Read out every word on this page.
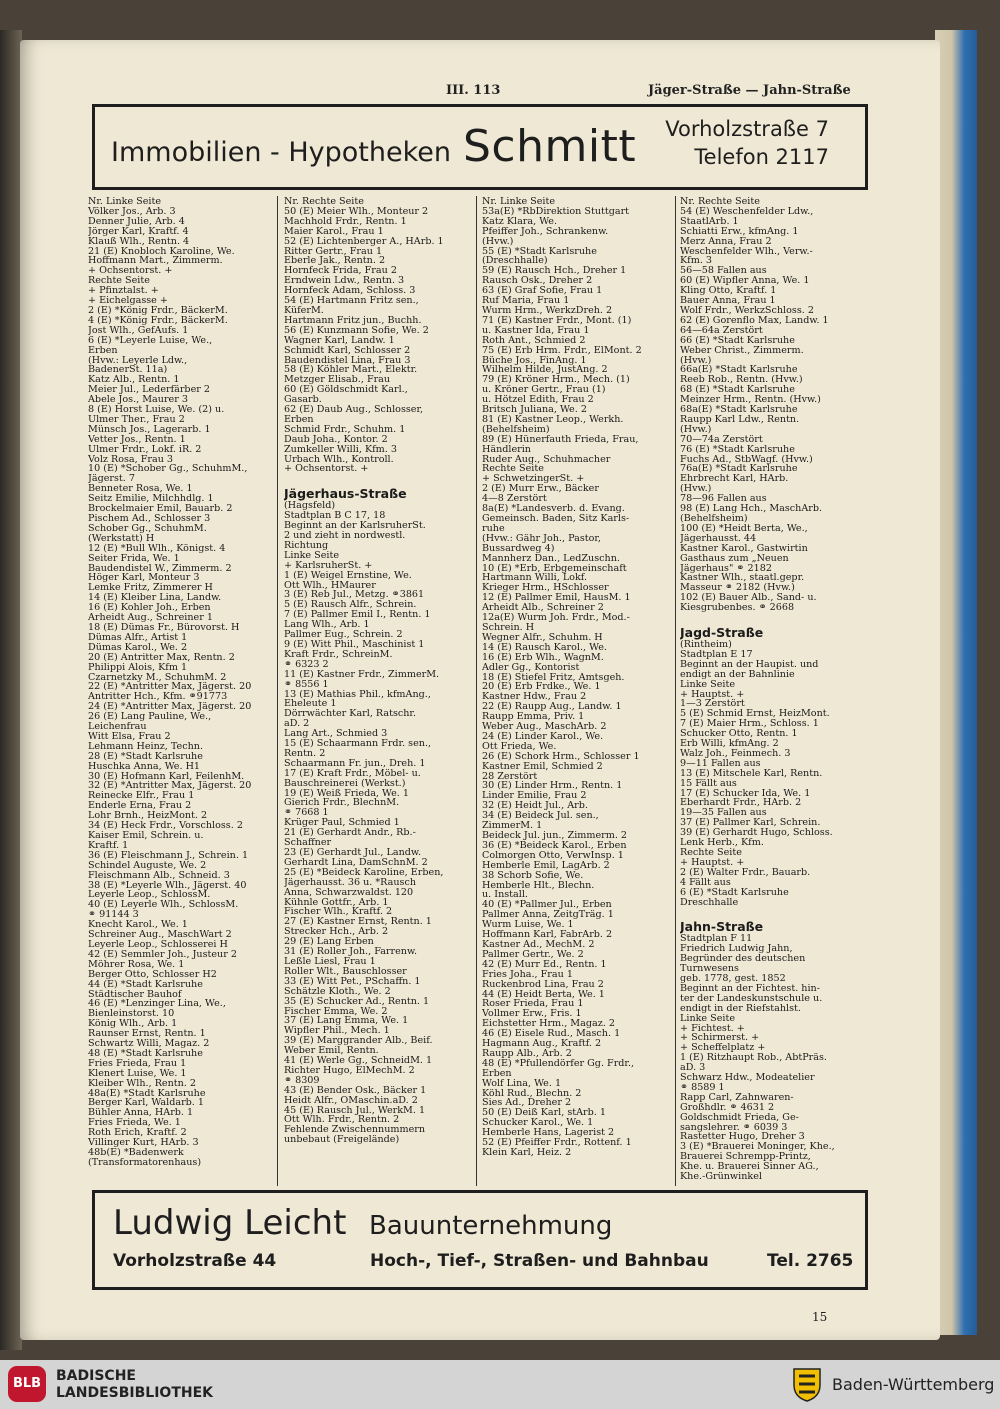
III. 113	Jäger-Straße — Jahn-Straße
Immobilien - Hypotheken Schmitt Vorholzstraße 7
Telefon 2117
Nr. Linke Seite
Völker Jos., Arb. 3
Denner Julie, Arb. 4
Jörger Karl, Kraftf. 4
Klauß Wlh., Rentn. 4
21 (E) Knobloch Karoline, We.
Hoffmann Mart., Zimmerm.
+ Ochsentorst. +
Rechte Seite
+ Pfinztalst. +
+ Eichelgasse +
2 (E) *König Frdr., BäckerM.
4 (E) *König Frdr., BäckerM.
Jost Wlh., GefAufs. 1
6 (E) *Leyerle Luise, We.,
Erben
(Hvw.: Leyerle Ldw.,
BadenerSt. 11a)
Katz Alb., Rentn. 1
Meier Jul., Lederfärber 2
Abele Jos., Maurer 3
8 (E) Horst Luise, We. (2) u.
Ulmer Ther., Frau 2
Münsch Jos., Lagerarb. 1
Vetter Jos., Rentn. 1
Ulmer Frdr., Lokf. iR. 2
Volz Rosa, Frau 3
10 (E) *Schober Gg., SchuhmM.,
Jägerst. 7
Benneter Rosa, We. 1
Seitz Emilie, Milchhdlg. 1
Brockelmaier Emil, Bauarb. 2
Pischem Ad., Schlosser 3
Schober Gg., SchuhmM.
(Werkstatt) H
12 (E) *Bull Wlh., Königst. 4
Seiter Frida, We. 1
Baudendistel W., Zimmerm. 2
Höger Karl, Monteur 3
Lemke Fritz, Zimmerer H
14 (E) Kleiber Lina, Landw.
16 (E) Kohler Joh., Erben
Arheidt Aug., Schreiner 1
18 (E) Dümas Fr., Bürovorst. H
Dümas Alfr., Artist 1
Dümas Karol., We. 2
20 (E) Antritter Max, Rentn. 2
Philippi Alois, Kfm 1
Czarnetzky M., SchuhmM. 2
22 (E) *Antritter Max, Jägerst. 20
Antritter Hch., Kfm. ⚭91773
24 (E) *Antritter Max, Jägerst. 20
26 (E) Lang Pauline, We.,
Leichenfrau
Witt Elsa, Frau 2
Lehmann Heinz, Techn.
28 (E) *Stadt Karlsruhe
Huschka Anna, We. H1
30 (E) Hofmann Karl, FeilenhM.
32 (E) *Antritter Max, Jägerst. 20
Reinecke Elfr., Frau 1
Enderle Erna, Frau 2
Lohr Brnh., HeizMont. 2
34 (E) Heck Frdr., Vorschloss. 2
Kaiser Emil, Schrein. u.
Kraftf. 1
36 (E) Fleischmann J., Schrein. 1
Schindel Auguste, We. 2
Fleischmann Alb., Schneid. 3
38 (E) *Leyerle Wlh., Jägerst. 40
Leyerle Leop., SchlossM.
40 (E) Leyerle Wlh., SchlossM.
⚭ 91144 3
Knecht Karol., We. 1
Schreiner Aug., MaschWart 2
Leyerle Leop., Schlosserei H
42 (E) Semmler Joh., Justeur 2
Möhrer Rosa, We. 1
Berger Otto, Schlosser H2
44 (E) *Stadt Karlsruhe
Städtischer Bauhof
46 (E) *Lenzinger Lina, We.,
Bienleinstorst. 10
König Wlh., Arb. 1
Raunser Ernst, Rentn. 1
Schwartz Willi, Magaz. 2
48 (E) *Stadt Karlsruhe
Fries Frieda, Frau 1
Klenert Luise, We. 1
Kleiber Wlh., Rentn. 2
48a(E) *Stadt Karlsruhe
Berger Karl, Waldarb. 1
Bühler Anna, HArb. 1
Fries Frieda, We. 1
Roth Erich, Kraftf. 2
Villinger Kurt, HArb. 3
48b(E) *Badenwerk
(Transformatorenhaus)
Nr. Rechte Seite
50 (E) Meier Wlh., Monteur 2
Machhold Frdr., Rentn. 1
Maier Karol., Frau 1
52 (E) Lichtenberger A., HArb. 1
Ritter Gertr., Frau 1
Eberle Jak., Rentn. 2
Hornfeck Frida, Frau 2
Erndwein Ldw., Rentn. 3
Hornfeck Adam, Schloss. 3
54 (E) Hartmann Fritz sen.,
KüferM.
Hartmann Fritz jun., Buchh.
56 (E) Kunzmann Sofie, We. 2
Wagner Karl, Landw. 1
Schmidt Karl, Schlosser 2
Baudendistel Lina, Frau 3
58 (E) Köhler Mart., Elektr.
Metzger Elisab., Frau
60 (E) Göldschmidt Karl.,
Gasarb.
62 (E) Daub Aug., Schlosser,
Erben
Schmid Frdr., Schuhm. 1
Daub Joha., Kontor. 2
Zumkeller Willi, Kfm. 3
Urbach Wlh., Kontroll.
+ Ochsentorst. +

Jägerhaus-Straße
(Hagsfeld)
Stadtplan B C 17, 18
Beginnt an der KarlsruherSt.
2 und zieht in nordwestl.
Richtung
Linke Seite
+ KarlsruherSt. +
1 (E) Weigel Ernstine, We.
Ott Wlh., HMaurer
3 (E) Reb Jul., Metzg. ⚭3861
5 (E) Rausch Alfr., Schrein.
7 (E) Pallmer Emil I., Rentn. 1
Lang Wlh., Arb. 1
Pallmer Eug., Schrein. 2
9 (E) Witt Phil., Maschinist 1
Kraft Frdr., SchreinM.
⚭ 6323 2
11 (E) Kastner Frdr., ZimmerM.
⚭ 8556 1
13 (E) Mathias Phil., kfmAng.,
Eheleute 1
Dörrwächter Karl, Ratschr.
aD. 2
Lang Art., Schmied 3
15 (E) Schaarmann Frdr. sen.,
Rentn. 2
Schaarmann Fr. jun., Dreh. 1
17 (E) Kraft Frdr., Möbel- u.
Bauschreinerei (Werkst.)
19 (E) Weiß Frieda, We. 1
Gierich Frdr., BlechnM.
⚭ 7668 1
Krüger Paul, Schmied 1
21 (E) Gerhardt Andr., Rb.-
Schaffner
23 (E) Gerhardt Jul., Landw.
Gerhardt Lina, DamSchnM. 2
25 (E) *Beideck Karoline, Erben,
Jägerhausst. 36 u. *Rausch
Anna, Schwarzwaldst. 120
Kühnle Gottfr., Arb. 1
Fischer Wlh., Kraftf. 2
27 (E) Kastner Ernst, Rentn. 1
Strecker Hch., Arb. 2
29 (E) Lang Erben
31 (E) Roller Joh., Farrenw.
Leßle Liesl, Frau 1
Roller Wlt., Bauschlosser
33 (E) Witt Pet., PSchaffn. 1
Schätzle Kloth., We. 2
35 (E) Schucker Ad., Rentn. 1
Fischer Emma, We. 2
37 (E) Lang Emma, We. 1
Wipfler Phil., Mech. 1
39 (E) Marggrander Alb., Beif.
Weber Emil, Rentn.
41 (E) Werle Gg., SchneidM. 1
Richter Hugo, ElMechM. 2
⚭ 8309
43 (E) Bender Osk., Bäcker 1
Heidt Alfr., OMaschin.aD. 2
45 (E) Rausch Jul., WerkM. 1
Ott Wlh. Frdr., Rentn. 2
Fehlende Zwischennummern
unbebaut (Freigelände)
Nr. Linke Seite
53a(E) *RbDirektion Stuttgart
Katz Klara, We.
Pfeiffer Joh., Schrankenw.
(Hvw.)
55 (E) *Stadt Karlsruhe
(Dreschhalle)
59 (E) Rausch Hch., Dreher 1
Rausch Osk., Dreher 2
63 (E) Graf Sofie, Frau 1
Ruf Maria, Frau 1
Wurm Hrm., WerkzDreh. 2
71 (E) Kastner Frdr., Mont. (1)
u. Kastner Ida, Frau 1
Roth Ant., Schmied 2
75 (E) Erb Hrm. Frdr., ElMont. 2
Büche Jos., FinAng. 1
Wilhelm Hilde, JustAng. 2
79 (E) Kröner Hrm., Mech. (1)
u. Kröner Gertr., Frau (1)
u. Hötzel Edith, Frau 2
Britsch Juliana, We. 2
81 (E) Kastner Leop., Werkh.
(Behelfsheim)
89 (E) Hünerfauth Frieda, Frau,
Händlerin
Ruder Aug., Schuhmacher
Rechte Seite
+ SchwetzingerSt. +
2 (E) Murr Erw., Bäcker
4—8 Zerstört
8a(E) *Landesverb. d. Evang.
Gemeinsch. Baden, Sitz Karls-
ruhe
(Hvw.: Gähr Joh., Pastor,
Bussardweg 4)
Mannherz Dan., LedZuschn.
10 (E) *Erb, Erbgemeinschaft
Hartmann Willi, Lokf.
Krieger Hrm., HSchlosser
12 (E) Pallmer Emil, HausM. 1
Arheidt Alb., Schreiner 2
12a(E) Wurm Joh. Frdr., Mod.-
Schrein. H
Wegner Alfr., Schuhm. H
14 (E) Rausch Karol., We.
16 (E) Erb Wlh., WagnM.
Adler Gg., Kontorist
18 (E) Stiefel Fritz, Amtsgeh.
20 (E) Erb Frdke., We. 1
Kastner Hdw., Frau 2
22 (E) Raupp Aug., Landw. 1
Raupp Emma, Priv. 1
Weber Aug., MaschArb. 2
24 (E) Linder Karol., We.
Ott Frieda, We.
26 (E) Schork Hrm., Schlosser 1
Kastner Emil, Schmied 2
28 Zerstört
30 (E) Linder Hrm., Rentn. 1
Linder Emilie, Frau 2
32 (E) Heidt Jul., Arb.
34 (E) Beideck Jul. sen.,
ZimmerM. 1
Beideck Jul. jun., Zimmerm. 2
36 (E) *Beideck Karol., Erben
Colmorgen Otto, VerwInsp. 1
Hemberle Emil, LagArb. 2
38 Schorb Sofie, We.
Hemberle Hlt., Blechn.
u. Install.
40 (E) *Pallmer Jul., Erben
Pallmer Anna, ZeitgTräg. 1
Wurm Luise, We. 1
Hoffmann Karl, FabrArb. 2
Kastner Ad., MechM. 2
Pallmer Gertr., We. 2
42 (E) Murr Ed., Rentn. 1
Fries Joha., Frau 1
Ruckenbrod Lina, Frau 2
44 (E) Heidt Berta, We. 1
Roser Frieda, Frau 1
Vollmer Erw., Fris. 1
Eichstetter Hrm., Magaz. 2
46 (E) Eisele Rud., Masch. 1
Hagmann Aug., Kraftf. 2
Raupp Alb., Arb. 2
48 (E) *Pfullendörfer Gg. Frdr.,
Erben
Wolf Lina, We. 1
Köhl Rud., Blechn. 2
Sies Ad., Dreher 2
50 (E) Deiß Karl, stArb. 1
Schucker Karol., We. 1
Hemberle Hans, Lagerist 2
52 (E) Pfeiffer Frdr., Rottenf. 1
Klein Karl, Heiz. 2
Nr. Rechte Seite
54 (E) Weschenfelder Ldw.,
StaatlArb. 1
Schiatti Erw., kfmAng. 1
Merz Anna, Frau 2
Weschenfelder Wlh., Verw.-
Kfm. 3
56—58 Fallen aus
60 (E) Wipfler Anna, We. 1
Kling Otto, Kraftf. 1
Bauer Anna, Frau 1
Wolf Frdr., WerkzSchloss. 2
62 (E) Gorenflo Max, Landw. 1
64—64a Zerstört
66 (E) *Stadt Karlsruhe
Weber Christ., Zimmerm.
(Hvw.)
66a(E) *Stadt Karlsruhe
Reeb Rob., Rentn. (Hvw.)
68 (E) *Stadt Karlsruhe
Meinzer Hrm., Rentn. (Hvw.)
68a(E) *Stadt Karlsruhe
Raupp Karl Ldw., Rentn.
(Hvw.)
70—74a Zerstört
76 (E) *Stadt Karlsruhe
Fuchs Ad., StbWagf. (Hvw.)
76a(E) *Stadt Karlsruhe
Ehrbrecht Karl, HArb.
(Hvw.)
78—96 Fallen aus
98 (E) Lang Hch., MaschArb.
(Behelfsheim)
100 (E) *Heidt Berta, We.,
Jägerhausst. 44
Kastner Karol., Gastwirtin
Gasthaus zum „Neuen
Jägerhaus" ⚭ 2182
Kastner Wlh., staatl.gepr.
Masseur ⚭ 2182 (Hvw.)
102 (E) Bauer Alb., Sand- u.
Kiesgrubenbes. ⚭ 2668

Jagd-Straße
(Rintheim)
Stadtplan E 17
Beginnt an der Haupist. und
endigt an der Bahnlinie
Linke Seite
+ Hauptst. +
1—3 Zerstört
5 (E) Schmid Ernst, HeizMont.
7 (E) Maier Hrm., Schloss. 1
Schucker Otto, Rentn. 1
Erb Willi, kfmAng. 2
Walz Joh., Feinmech. 3
9—11 Fallen aus
13 (E) Mitschele Karl, Rentn.
15 Fällt aus
17 (E) Schucker Ida, We. 1
Eberhardt Frdr., HArb. 2
19—35 Fallen aus
37 (E) Pallmer Karl, Schrein.
39 (E) Gerhardt Hugo, Schloss.
Lenk Herb., Kfm.
Rechte Seite
+ Hauptst. +
2 (E) Walter Frdr., Bauarb.
4 Fällt aus
6 (E) *Stadt Karlsruhe
Dreschhalle

Jahn-Straße
Stadtplan F 11
Friedrich Ludwig Jahn,
Begründer des deutschen
Turnwesens
geb. 1778, gest. 1852
Beginnt an der Fichtest. hin-
ter der Landeskunstschule u.
endigt in der Riefstahlst.
Linke Seite
+ Fichtest. +
+ Schirmerst. +
+ Scheffelplatz +
1 (E) Ritzhaupt Rob., AbtPräs.
aD. 3
Schwarz Hdw., Modeatelier
⚭ 8589 1
Rapp Carl, Zahnwaren-
Großhdlr. ⚭ 4631 2
Goldschmidt Frieda, Ge-
sangslehrer. ⚭ 6039 3
Rastetter Hugo, Dreher 3
3 (E) *Brauerei Moninger, Khe.,
Brauerei Schrempp-Printz,
Khe. u. Brauerei Sinner AG.,
Khe.-Grünwinkel
Ludwig Leicht Bauunternehmung
Vorholzstraße 44	Hoch-, Tief-, Straßen- und Bahnbau	Tel. 2765
15
BLB	BADISCHE
LANDESBIBLIOTHEK	Baden-Württemberg
